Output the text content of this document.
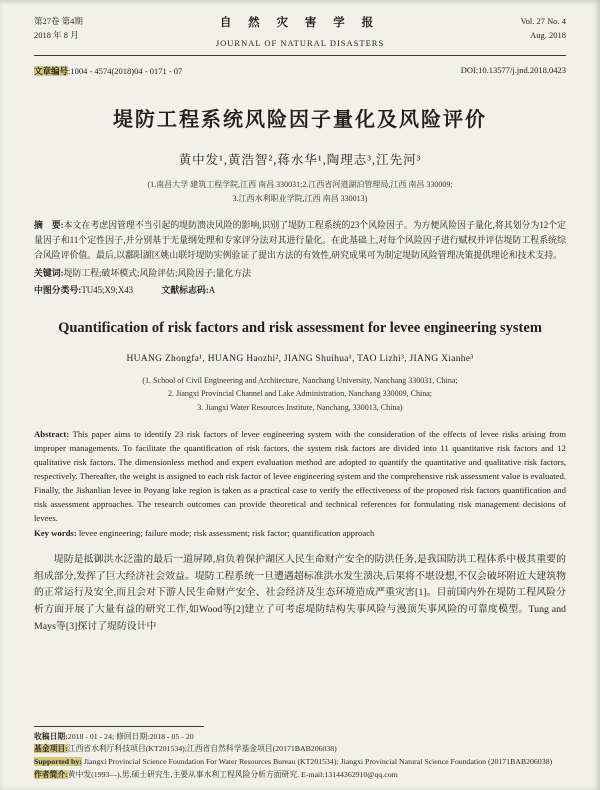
第27卷 第4期
2018 年 8 月
自 然 灾 害 学 报
JOURNAL OF NATURAL DISASTERS
Vol. 27 No. 4
Aug. 2018
文章编号:1004 - 4574(2018)04 - 0171 - 07	DOI:10.13577/j.jnd.2018.0423
堤防工程系统风险因子量化及风险评价
黄中发¹,黄浩智²,蒋水华¹,陶理志³,江先河³
(1.南昌大学 建筑工程学院,江西 南昌 330031;2.江西省河道湖泊管理局,江西 南昌 330009;
3.江西水利职业学院,江西 南昌 330013)
摘　要:本文在考虑因管理不当引起的堤防溃决风险的影响,识别了堤防工程系统的23个风险因子。为方便风险因子量化,将其划分为12个定量因子和11个定性因子,并分别基于无量纲处理和专家评分法对其进行量化。在此基础上,对每个风险因子进行赋权并评估堤防工程系统综合风险评价值。最后,以鄱阳湖区姚山联圩堤防实例验证了提出方法的有效性,研究成果可为制定堤防风险管理决策提供理论和技术支持。
关键词:堤防工程;破坏模式;风险评估;风险因子;量化方法
中图分类号:TU45;X9;X43	文献标志码:A
Quantification of risk factors and risk assessment for levee engineering system
HUANG Zhongfa¹, HUANG Haozhi², JIANG Shuihua¹, TAO Lizhi³, JIANG Xianhe³
(1. School of Civil Engineering and Architecture, Nanchang University, Nanchang 330031, China;
2. Jiangxi Provincial Channel and Lake Administration, Nanchang 330009, China;
3. Jiangxi Water Resources Institute, Nanchang, 330013, China)
Abstract: This paper aims to identify 23 risk factors of levee engineering system with the consideration of the effects of levee risks arising from improper managements. To facilitate the quantification of risk factors, the system risk factors are divided into 11 quantitative risk factors and 12 qualitative risk factors. The dimensionless method and expert evaluation method are adopted to quantify the quantitative and qualitative risk factors, respectively. Thereafter, the weight is assigned to each risk factor of levee engineering system and the comprehensive risk assessment value is evaluated. Finally, the Jishanlian levee in Poyang lake region is taken as a practical case to verify the effectiveness of the proposed risk factors quantification and risk assessment approaches. The research outcomes can provide theoretical and technical references for formulating risk management decisions of levees.
Key words: levee engineering; failure mode; risk assessment; risk factor; quantification approach
堤防是抵御洪水泛滥的最后一道屏障,肩负着保护湖区人民生命财产安全的防洪任务,是我国防洪工程体系中极其重要的组成部分,发挥了巨大经济社会效益。堤防工程系统一旦遭遇超标准洪水发生溃决,后果将不堪设想,不仅会破坏附近大建筑物的正常运行及安全,而且会对下游人民生命财产安全、社会经济及生态环境造成严重灾害[1]。目前国内外在堤防工程风险分析方面开展了大量有益的研究工作,如Wood等[2]建立了可考虑堤防结构失事风险与漫顶失事风险的可靠度模型。Tung and Mays等[3]探讨了堤防设计中
收稿日期:2018 - 01 - 24; 修回日期:2018 - 05 - 20
基金项目:江西省水利厅科技项目(KT201534);江西省自然科学基金项目(20171BAB206038)
Supported by: Jiangxi Provincial Science Foundation For Water Resources Bureau (KT201534); Jiangxi Provincial Natural Science Foundation (20171BAB206038)
作者简介:黄中发(1993—),男,硕士研究生,主要从事水利工程风险分析方面研究. E-mail:13144362910@qq.com
